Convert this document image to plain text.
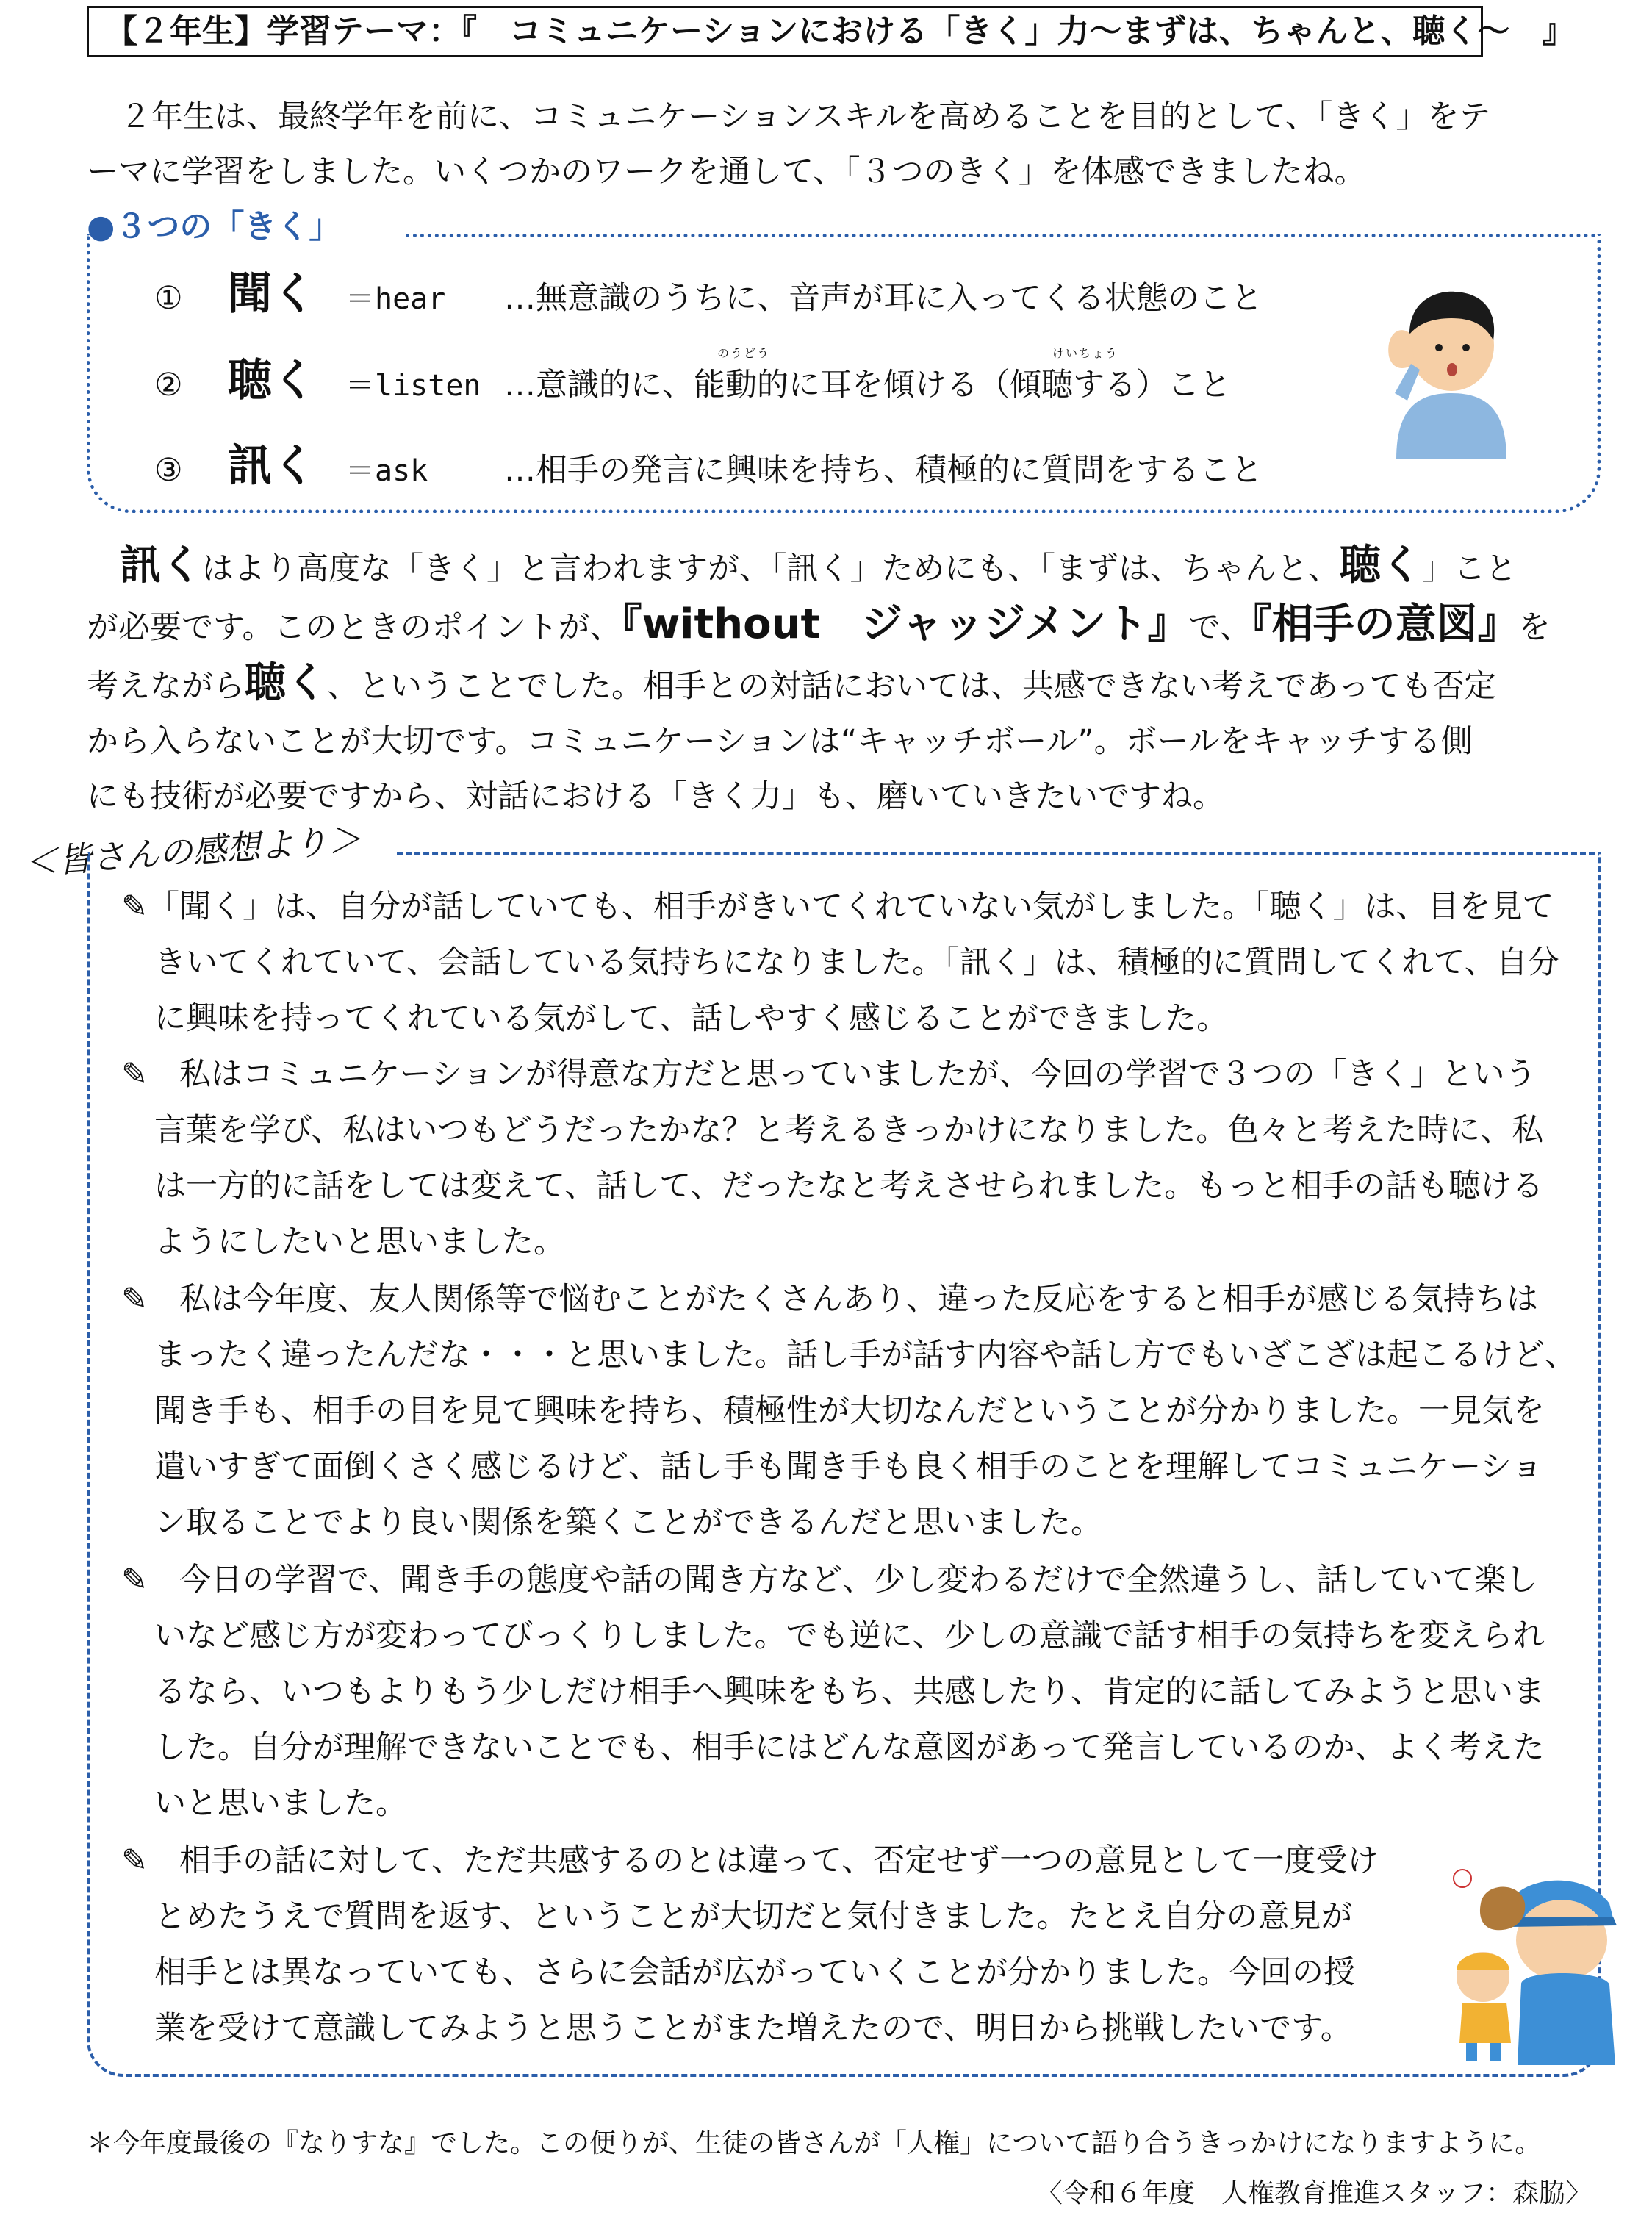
【２年生】学習テーマ：『　コミュニケーションにおける「きく」力～まずは、ちゃんと、聴く～　』
２年生は、最終学年を前に、コミュニケーションスキルを高めることを目的として、「きく」をテ
ーマに学習をしました。いくつかのワークを通して、「３つのきく」を体感できましたね。
●３つの「きく」
①	聞く	＝hear	…無意識のうちに、音声が耳に入ってくる状態のこと
②	聴く	＝listen …意識的に、能動的に耳を傾ける（傾聴する）こと
③	訊く	＝ask	…相手の発言に興味を持ち、積極的に質問をすること
のうどう	けいちょう
訊くはより高度な「きく」と言われますが、「訊く」ためにも、「まずは、ちゃんと、聴く」こと
が必要です。このときのポイントが、『without　ジャッジメント』で、『相手の意図』を
考えながら聴く、ということでした。相手との対話においては、共感できない考えであっても否定
から入らないことが大切です。コミュニケーションは“キャッチボール”。ボールをキャッチする側
にも技術が必要ですから、対話における「きく力」も、磨いていきたいですね。
＜皆さんの感想より＞
✎「聞く」は、自分が話していても、相手がきいてくれていない気がしました。「聴く」は、目を見て
きいてくれていて、会話している気持ちになりました。「訊く」は、積極的に質問してくれて、自分
に興味を持ってくれている気がして、話しやすく感じることができました。
✎　私はコミュニケーションが得意な方だと思っていましたが、今回の学習で３つの「きく」という
言葉を学び、私はいつもどうだったかな？と考えるきっかけになりました。色々と考えた時に、私
は一方的に話をしては変えて、話して、だったなと考えさせられました。もっと相手の話も聴ける
ようにしたいと思いました。
✎　私は今年度、友人関係等で悩むことがたくさんあり、違った反応をすると相手が感じる気持ちは
まったく違ったんだな・・・と思いました。話し手が話す内容や話し方でもいざこざは起こるけど、
聞き手も、相手の目を見て興味を持ち、積極性が大切なんだということが分かりました。一見気を
遣いすぎて面倒くさく感じるけど、話し手も聞き手も良く相手のことを理解してコミュニケーショ
ン取ることでより良い関係を築くことができるんだと思いました。
✎　今日の学習で、聞き手の態度や話の聞き方など、少し変わるだけで全然違うし、話していて楽し
いなど感じ方が変わってびっくりしました。でも逆に、少しの意識で話す相手の気持ちを変えられ
るなら、いつもよりもう少しだけ相手へ興味をもち、共感したり、肯定的に話してみようと思いま
した。自分が理解できないことでも、相手にはどんな意図があって発言しているのか、よく考えた
いと思いました。
✎　相手の話に対して、ただ共感するのとは違って、否定せず一つの意見として一度受け
とめたうえで質問を返す、ということが大切だと気付きました。たとえ自分の意見が
相手とは異なっていても、さらに会話が広がっていくことが分かりました。今回の授
業を受けて意識してみようと思うことがまた増えたので、明日から挑戦したいです。
＊今年度最後の『なりすな』でした。この便りが、生徒の皆さんが「人権」について語り合うきっかけになりますように。
〈令和６年度　人権教育推進スタッフ：森脇〉
